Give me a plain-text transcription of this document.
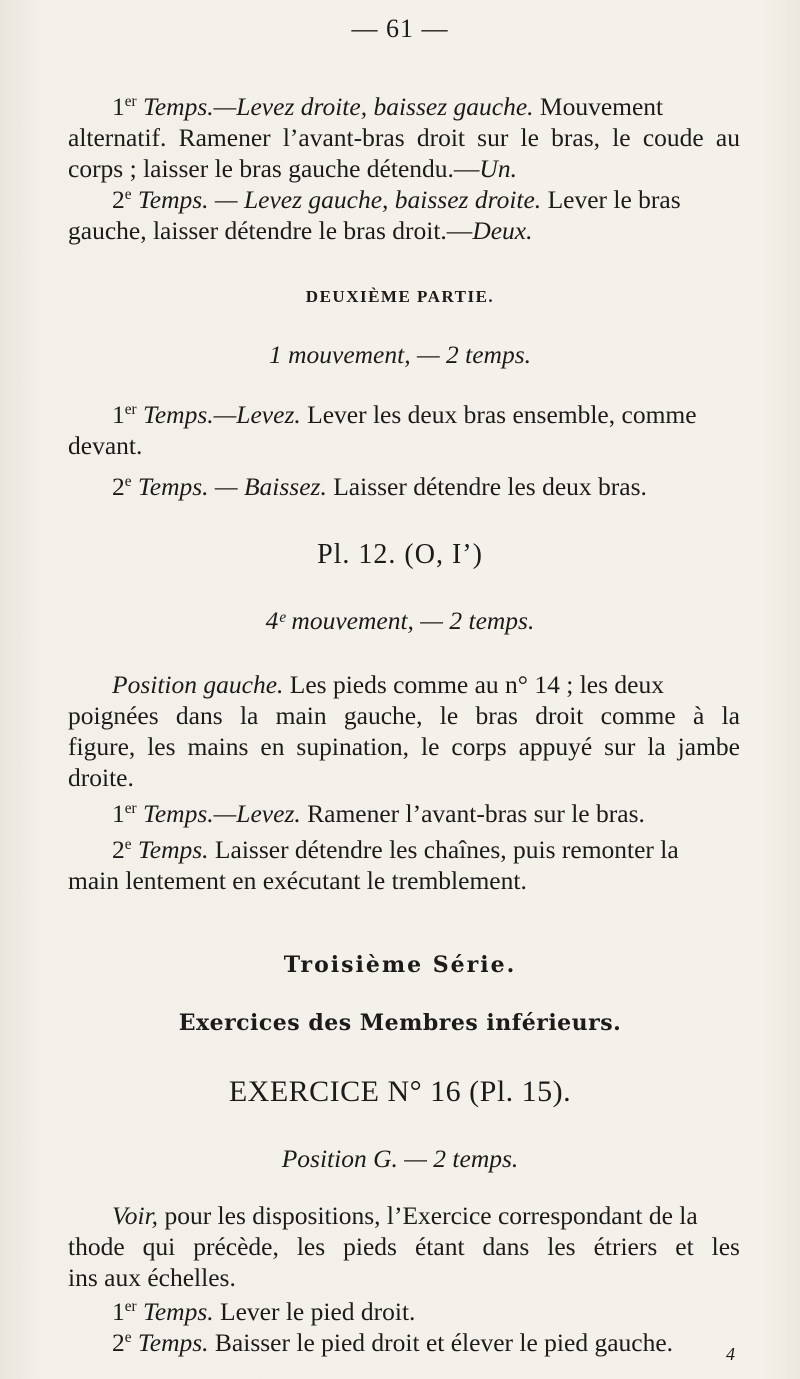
— 61 —
1er Temps.—Levez droite, baissez gauche. Mouvement
alternatif. Ramener l’avant-bras droit sur le bras, le coude au
corps ; laisser le bras gauche détendu.—Un.
2e Temps. — Levez gauche, baissez droite. Lever le bras
gauche, laisser détendre le bras droit.—Deux.
DEUXIÈME PARTIE.
1 mouvement, — 2 temps.
1er Temps.—Levez. Lever les deux bras ensemble, comme
devant.
2e Temps. — Baissez. Laisser détendre les deux bras.
Pl. 12. (O, I’)
4ᵉ mouvement, — 2 temps.
Position gauche. Les pieds comme au n° 14 ; les deux
poignées dans la main gauche, le bras droit comme à la
figure, les mains en supination, le corps appuyé sur la jambe
droite.
1er Temps.—Levez. Ramener l’avant-bras sur le bras.
2e Temps. Laisser détendre les chaînes, puis remonter la
main lentement en exécutant le tremblement.
Troisième Série.
Exercices des Membres inférieurs.
EXERCICE N° 16 (Pl. 15).
Position G. — 2 temps.
Voir, pour les dispositions, l’Exercice correspondant de la
thode qui précède, les pieds étant dans les étriers et les
ins aux échelles.
1er Temps. Lever le pied droit.
2e Temps. Baisser le pied droit et élever le pied gauche.	4
